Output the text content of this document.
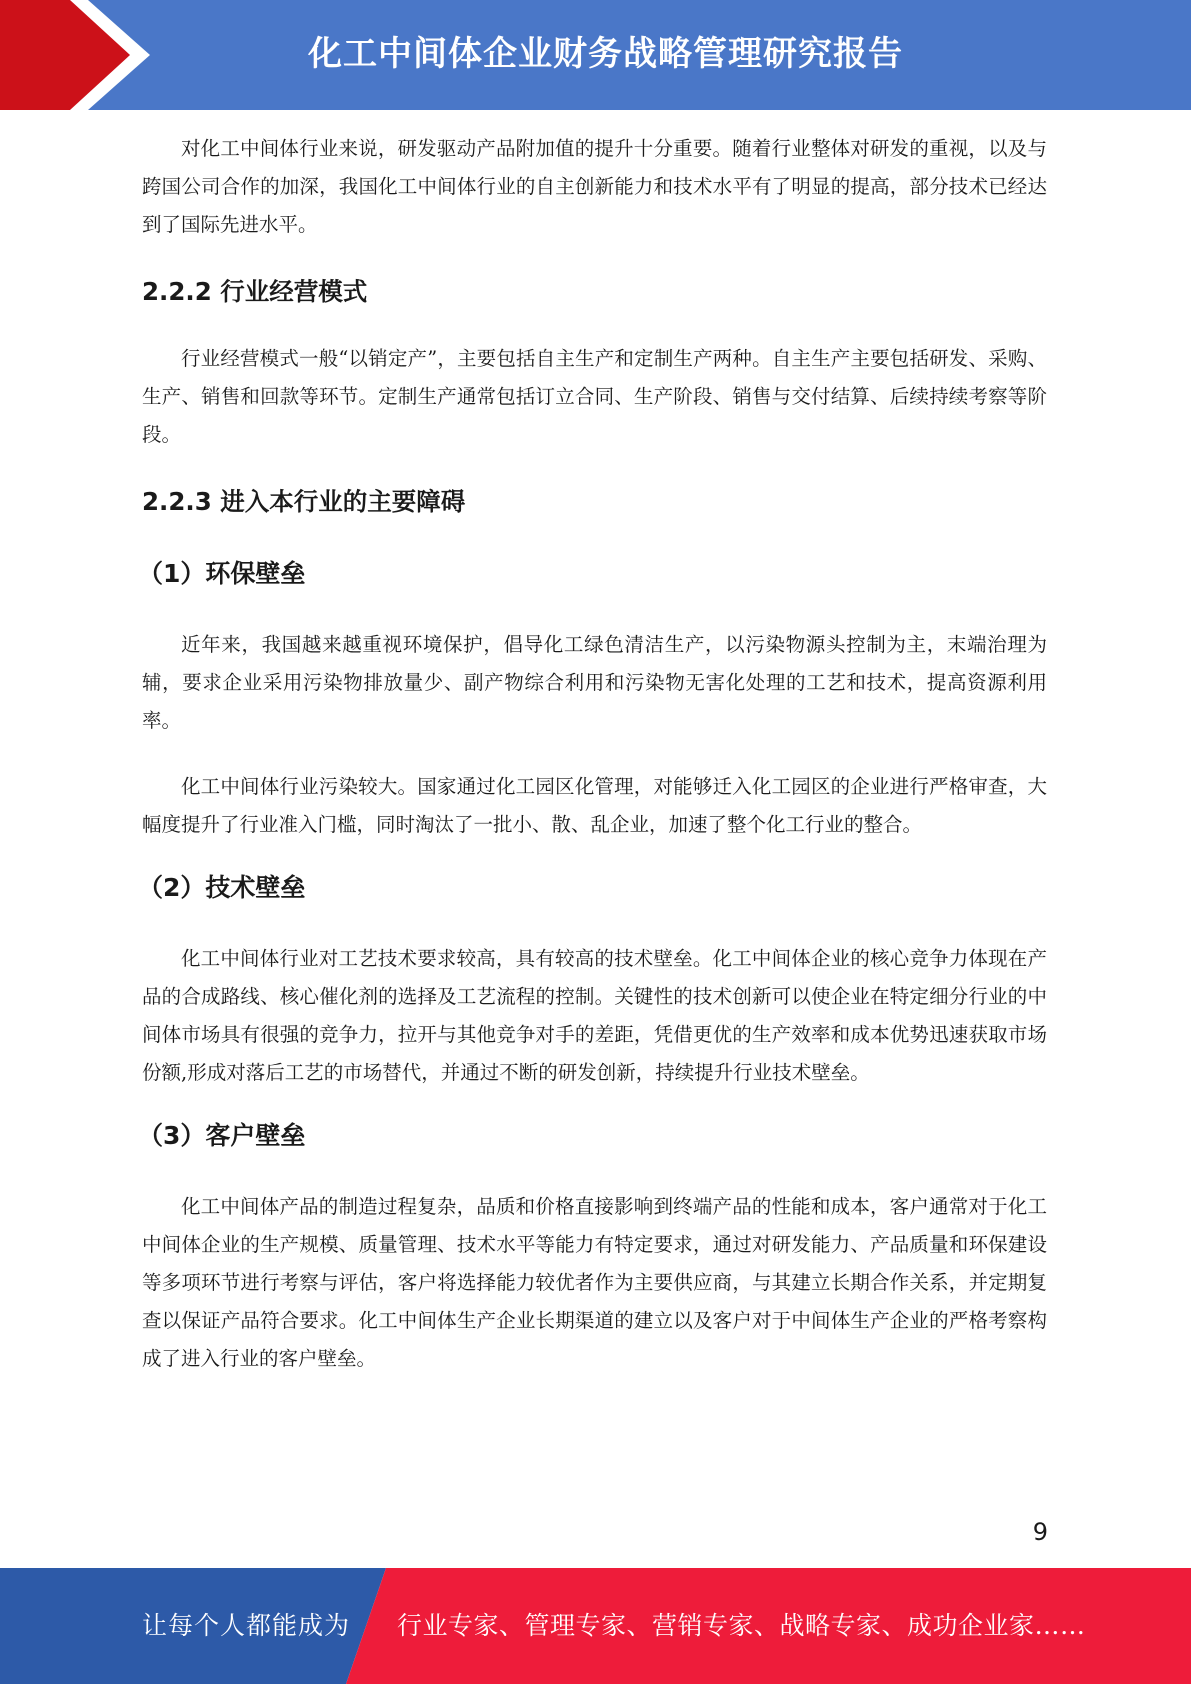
化工中间体企业财务战略管理研究报告

对化工中间体行业来说，研发驱动产品附加值的提升十分重要。随着行业整体对研发的重视，以及与跨国公司合作的加深，我国化工中间体行业的自主创新能力和技术水平有了明显的提高，部分技术已经达到了国际先进水平。

2.2.2 行业经营模式

行业经营模式一般“以销定产”，主要包括自主生产和定制生产两种。自主生产主要包括研发、采购、生产、销售和回款等环节。定制生产通常包括订立合同、生产阶段、销售与交付结算、后续持续考察等阶段。

2.2.3 进入本行业的主要障碍
（1）环保壁垒

近年来，我国越来越重视环境保护，倡导化工绿色清洁生产，以污染物源头控制为主，末端治理为辅，要求企业采用污染物排放量少、副产物综合利用和污染物无害化处理的工艺和技术，提高资源利用率。

化工中间体行业污染较大。国家通过化工园区化管理，对能够迁入化工园区的企业进行严格审查，大幅度提升了行业准入门槛，同时淘汰了一批小、散、乱企业，加速了整个化工行业的整合。

（2）技术壁垒

化工中间体行业对工艺技术要求较高，具有较高的技术壁垒。化工中间体企业的核心竞争力体现在产品的合成路线、核心催化剂的选择及工艺流程的控制。关键性的技术创新可以使企业在特定细分行业的中间体市场具有很强的竞争力，拉开与其他竞争对手的差距，凭借更优的生产效率和成本优势迅速获取市场份额,形成对落后工艺的市场替代，并通过不断的研发创新，持续提升行业技术壁垒。

（3）客户壁垒

化工中间体产品的制造过程复杂，品质和价格直接影响到终端产品的性能和成本，客户通常对于化工中间体企业的生产规模、质量管理、技术水平等能力有特定要求，通过对研发能力、产品质量和环保建设等多项环节进行考察与评估，客户将选择能力较优者作为主要供应商，与其建立长期合作关系，并定期复查以保证产品符合要求。化工中间体生产企业长期渠道的建立以及客户对于中间体生产企业的严格考察构成了进入行业的客户壁垒。

9
让每个人都能成为 行业专家、管理专家、营销专家、战略专家、成功企业家……
